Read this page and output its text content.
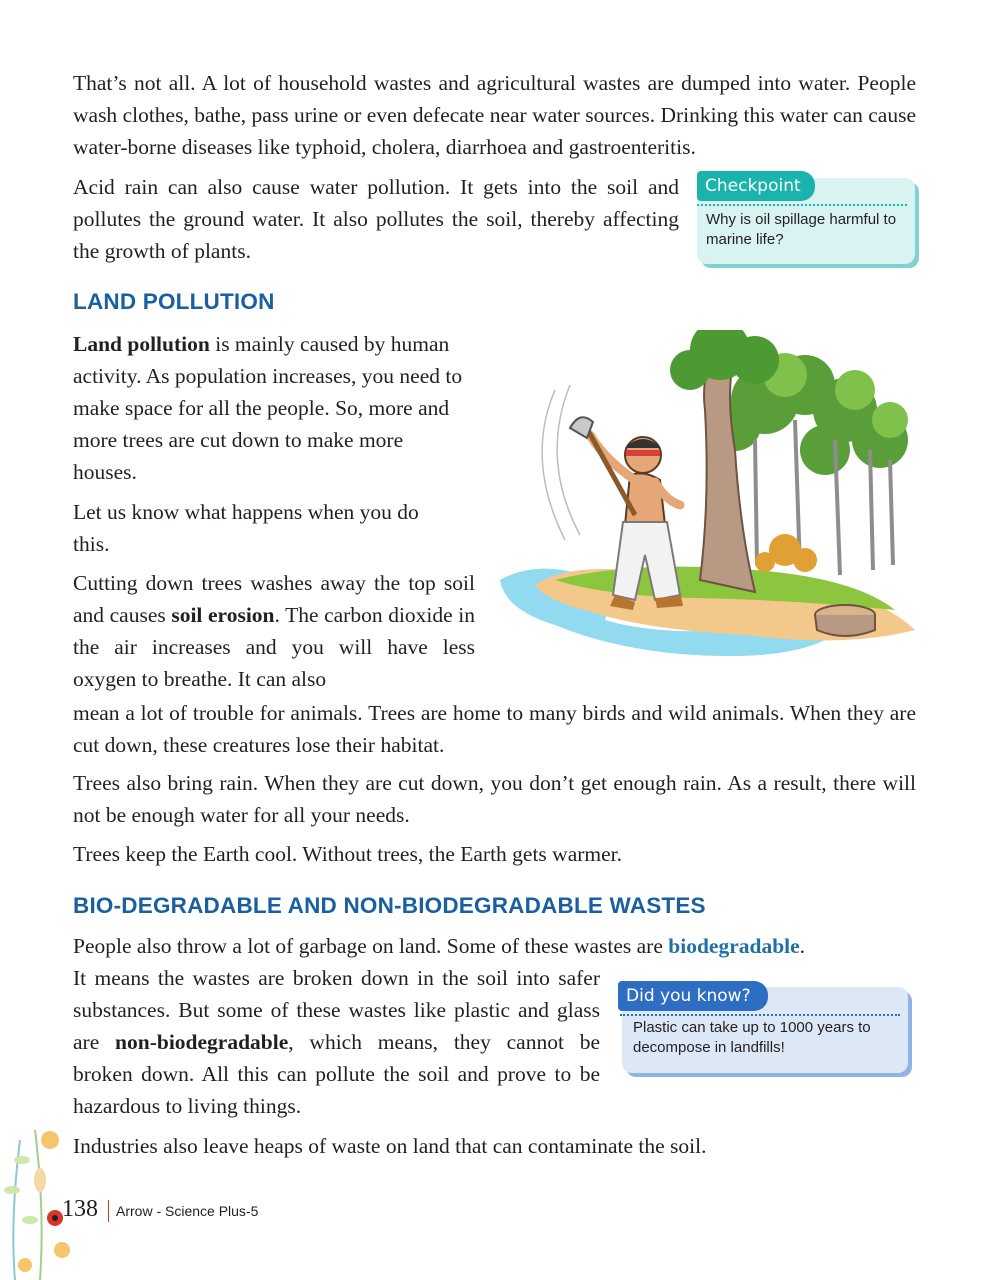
That’s not all. A lot of household wastes and agricultural wastes are dumped into water. People wash clothes, bathe, pass urine or even defecate near water sources. Drinking this water can cause water-borne diseases like typhoid, cholera, diarrhoea and gastroenteritis.

Acid rain can also cause water pollution. It gets into the soil and pollutes the ground water. It also pollutes the soil, thereby affecting the growth of plants.

Checkpoint
Why is oil spillage harmful to marine life?
LAND POLLUTION

Land pollution is mainly caused by human activity. As population increases, you need to make space for all the people. So, more and more trees are cut down to make more houses.

Let us know what happens when you do this.

Cutting down trees washes away the top soil and causes soil erosion. The carbon dioxide in the air increases and you will have less oxygen to breathe. It can also

mean a lot of trouble for animals. Trees are home to many birds and wild animals. When they are cut down, these creatures lose their habitat.

Trees also bring rain. When they are cut down, you don’t get enough rain. As a result, there will not be enough water for all your needs.

Trees keep the Earth cool. Without trees, the Earth gets warmer.

BIO-DEGRADABLE AND NON-BIODEGRADABLE WASTES

People also throw a lot of garbage on land. Some of these wastes are biodegradable.

It means the wastes are broken down in the soil into safer substances. But some of these wastes like plastic and glass are non-biodegradable, which means, they cannot be broken down. All this can pollute the soil and prove to be hazardous to living things.

Did you know?
Plastic can take up to 1000 years to decompose in landfills!

Industries also leave heaps of waste on land that can contaminate the soil.

138 Arrow - Science Plus-5
